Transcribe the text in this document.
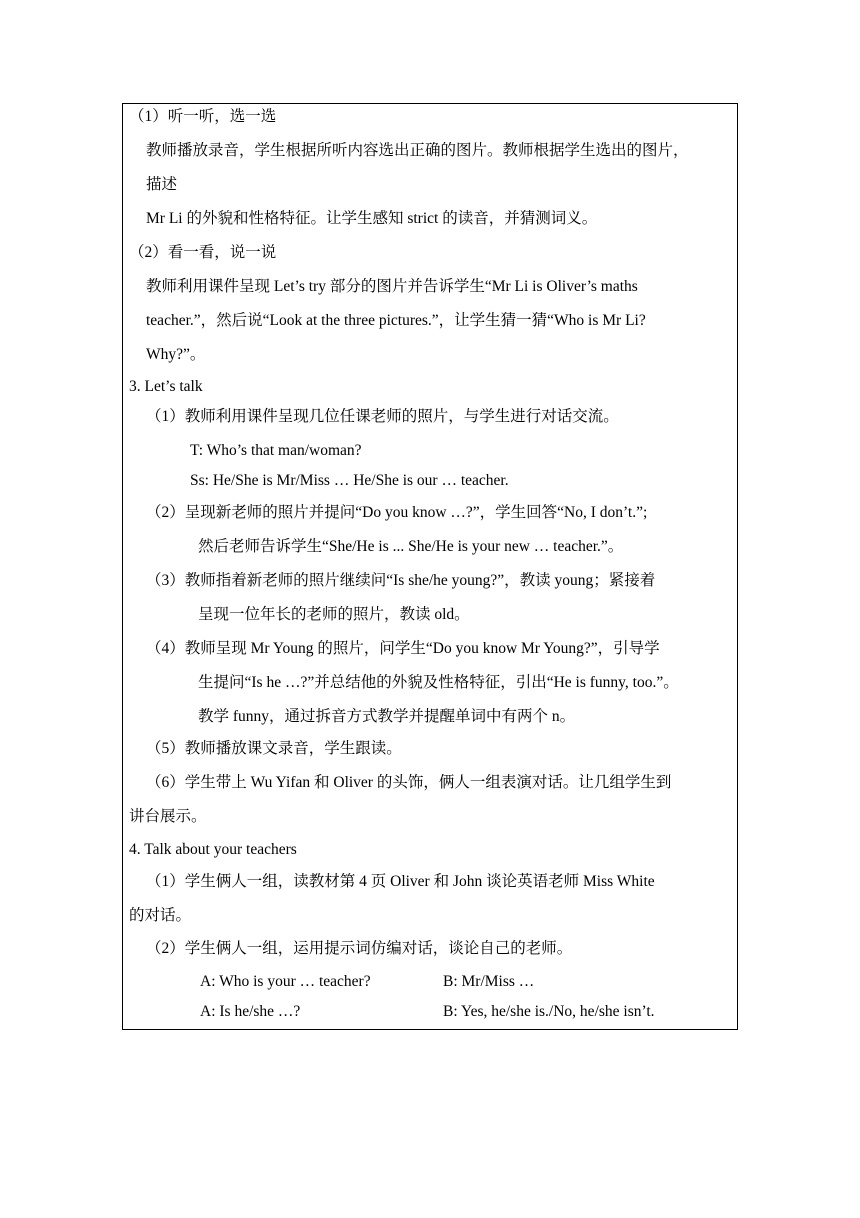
（1）听一听，选一选
教师播放录音，学生根据所听内容选出正确的图片。教师根据学生选出的图片，
描述
Mr Li 的外貌和性格特征。让学生感知 strict 的读音，并猜测词义。
（2）看一看，说一说
教师利用课件呈现 Let’s try 部分的图片并告诉学生“Mr Li is Oliver’s maths
teacher.”，然后说“Look at the three pictures.”，让学生猜一猜“Who is Mr Li?
Why?”。
3. Let’s talk
（1）教师利用课件呈现几位任课老师的照片，与学生进行对话交流。
T: Who’s that man/woman?
Ss: He/She is Mr/Miss … He/She is our … teacher.
（2）呈现新老师的照片并提问“Do you know …?”，学生回答“No, I don’t.”;
然后老师告诉学生“She/He is ... She/He is your new … teacher.”。
（3）教师指着新老师的照片继续问“Is she/he young?”，教读 young；紧接着
呈现一位年长的老师的照片，教读 old。
（4）教师呈现 Mr Young 的照片，问学生“Do you know Mr Young?”，引导学
生提问“Is he …?”并总结他的外貌及性格特征，引出“He is funny, too.”。
教学 funny，通过拆音方式教学并提醒单词中有两个 n。
（5）教师播放课文录音，学生跟读。
（6）学生带上 Wu Yifan 和 Oliver 的头饰，俩人一组表演对话。让几组学生到
讲台展示。
4. Talk about your teachers
（1）学生俩人一组，读教材第 4 页 Oliver 和 John 谈论英语老师 Miss White
的对话。
（2）学生俩人一组，运用提示词仿编对话，谈论自己的老师。
A: Who is your … teacher?	B: Mr/Miss …
A: Is he/she …?	B: Yes, he/she is./No, he/she isn’t.
